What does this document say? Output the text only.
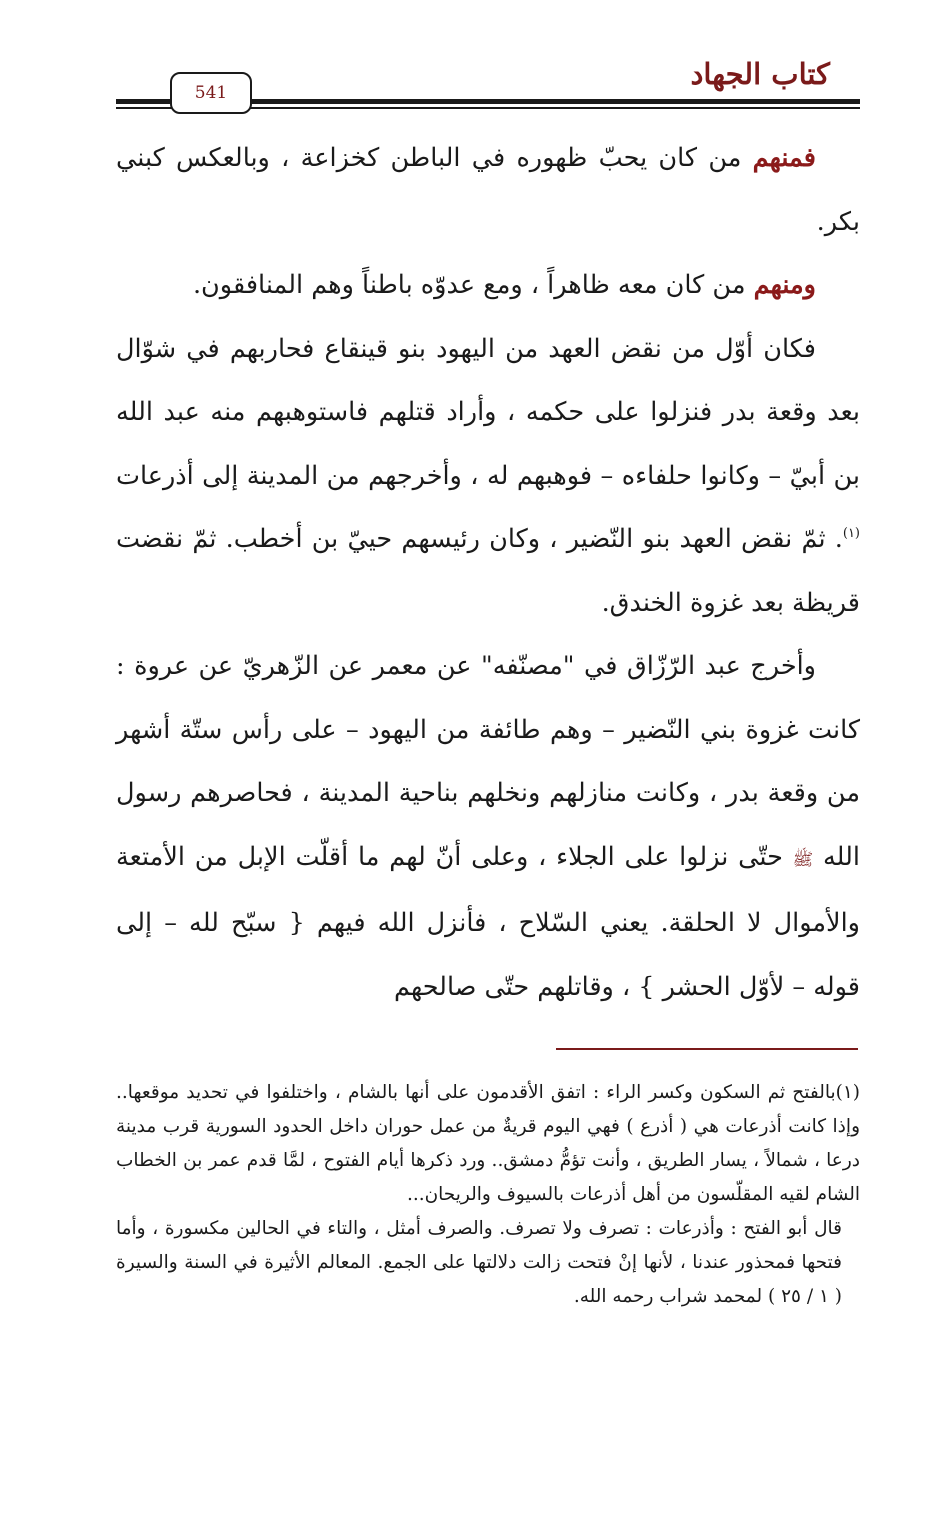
كتاب الجهاد
541

فمنهم من كان يحبّ ظهوره في الباطن كخزاعة ، وبالعكس كبني بكر.

ومنهم من كان معه ظاهراً ، ومع عدوّه باطناً وهم المنافقون.

فكان أوّل من نقض العهد من اليهود بنو قينقاع فحاربهم في شوّال بعد وقعة بدر فنزلوا على حكمه ، وأراد قتلهم فاستوهبهم منه عبد الله بن أبيّ – وكانوا حلفاءه – فوهبهم له ، وأخرجهم من المدينة إلى أذرعات $^{(١)}$. ثمّ نقض العهد بنو النّضير ، وكان رئيسهم حييّ بن أخطب. ثمّ نقضت قريظة بعد غزوة الخندق.

وأخرج عبد الرّزّاق في "مصنّفه" عن معمر عن الزّهريّ عن عروة : كانت غزوة بني النّضير – وهم طائفة من اليهود – على رأس ستّة أشهر من وقعة بدر ، وكانت منازلهم ونخلهم بناحية المدينة ، فحاصرهم رسول الله ﷺ حتّى نزلوا على الجلاء ، وعلى أنّ لهم ما أقلّت الإبل من الأمتعة والأموال لا الحلقة. يعني السّلاح ، فأنزل الله فيهم { سبّح لله – إلى قوله – لأوّل الحشر } ، وقاتلهم حتّى صالحهم

(١)بالفتح ثم السكون وكسر الراء : اتفق الأقدمون على أنها بالشام ، واختلفوا في تحديد موقعها.. وإذا كانت أذرعات هي ( أذرع ) فهي اليوم قريةٌ من عمل حوران داخل الحدود السورية قرب مدينة درعا ، شمالاً ، يسار الطريق ، وأنت تؤمُّ دمشق.. ورد ذكرها أيام الفتوح ، لمَّا قدم عمر بن الخطاب الشام لقيه المقلّسون من أهل أذرعات بالسيوف والريحان...

قال أبو الفتح : وأذرعات : تصرف ولا تصرف. والصرف أمثل ، والتاء في الحالين مكسورة ، وأما فتحها فمحذور عندنا ، لأنها إنْ فتحت زالت دلالتها على الجمع. المعالم الأثيرة في السنة والسيرة ( ١ / ٢٥ ) لمحمد شراب رحمه الله.
